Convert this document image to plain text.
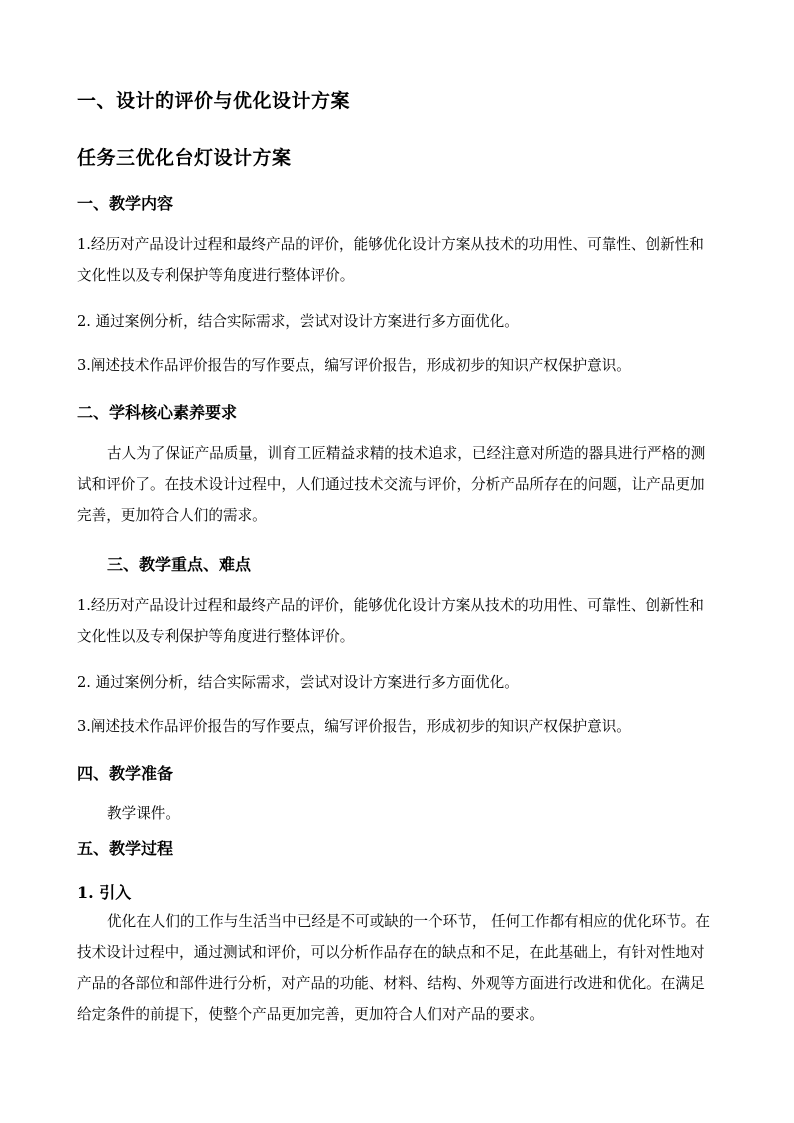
一、设计的评价与优化设计方案
任务三优化台灯设计方案
一、教学内容
1.经历对产品设计过程和最终产品的评价，能够优化设计方案从技术的功用性、可靠性、创新性和文化性以及专利保护等角度进行整体评价。
2. 通过案例分析，结合实际需求，尝试对设计方案进行多方面优化。
3.阐述技术作品评价报告的写作要点，编写评价报告，形成初步的知识产权保护意识。
二、学科核心素养要求
古人为了保证产品质量，训育工匠精益求精的技术追求，已经注意对所造的器具进行严格的测试和评价了。在技术设计过程中，人们通过技术交流与评价，分析产品所存在的问题，让产品更加完善，更加符合人们的需求。
三、教学重点、难点
1.经历对产品设计过程和最终产品的评价，能够优化设计方案从技术的功用性、可靠性、创新性和文化性以及专利保护等角度进行整体评价。
2. 通过案例分析，结合实际需求，尝试对设计方案进行多方面优化。
3.阐述技术作品评价报告的写作要点，编写评价报告，形成初步的知识产权保护意识。
四、教学准备
教学课件。
五、教学过程
1. 引入
优化在人们的工作与生活当中已经是不可或缺的一个环节， 任何工作都有相应的优化环节。在技术设计过程中，通过测试和评价，可以分析作品存在的缺点和不足，在此基础上，有针对性地对产品的各部位和部件进行分析，对产品的功能、材料、结构、外观等方面进行改进和优化。在满足给定条件的前提下，使整个产品更加完善，更加符合人们对产品的要求。
